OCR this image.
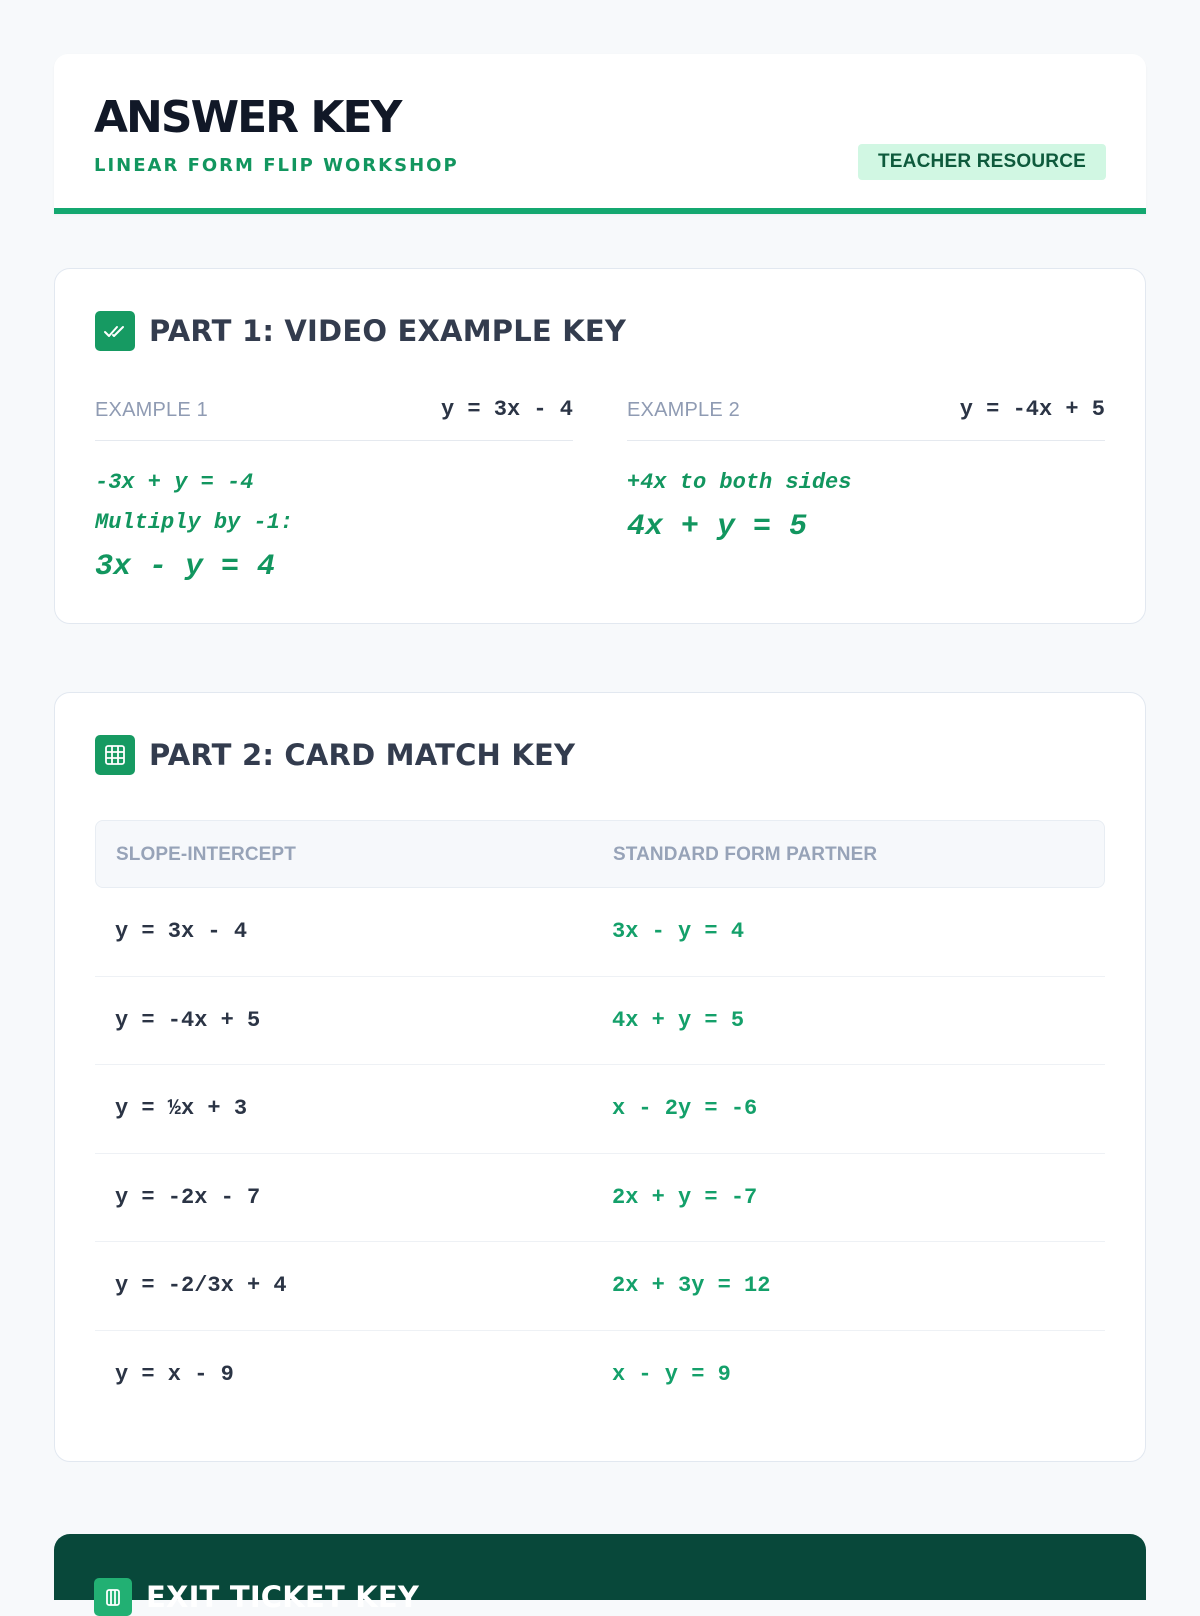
ANSWER KEY
LINEAR FORM FLIP WORKSHOP	TEACHER RESOURCE
PART 1: VIDEO EXAMPLE KEY
EXAMPLE 1	y = 3x - 4
-3x + y = -4
Multiply by -1:
3x - y = 4
EXAMPLE 2	y = -4x + 5
+4x to both sides
4x + y = 5
PART 2: CARD MATCH KEY
SLOPE-INTERCEPT	STANDARD FORM PARTNER
y = 3x - 4	3x - y = 4
y = -4x + 5	4x + y = 5
y = ½x + 3	x - 2y = -6
y = -2x - 7	2x + y = -7
y = -2/3x + 4	2x + 3y = 12
y = x - 9	x - y = 9
EXIT TICKET KEY
